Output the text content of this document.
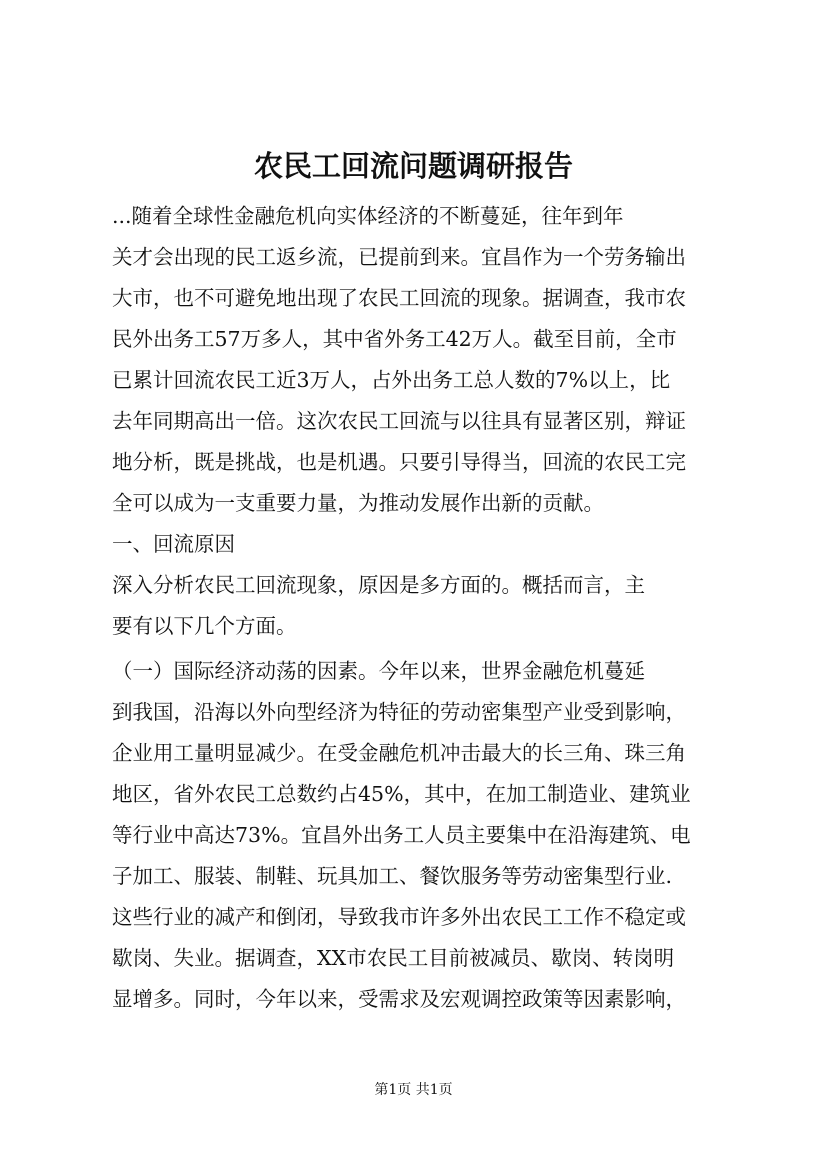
农民工回流问题调研报告
...随着全球性金融危机向实体经济的不断蔓延，往年到年
关才会出现的民工返乡流，已提前到来。宜昌作为一个劳务输出
大市，也不可避免地出现了农民工回流的现象。据调查，我市农
民外出务工57万多人，其中省外务工42万人。截至目前，全市
已累计回流农民工近3万人，占外出务工总人数的7%以上，比
去年同期高出一倍。这次农民工回流与以往具有显著区别，辩证
地分析，既是挑战，也是机遇。只要引导得当，回流的农民工完
全可以成为一支重要力量，为推动发展作出新的贡献。
一、回流原因
深入分析农民工回流现象，原因是多方面的。概括而言，主
要有以下几个方面。
（一）国际经济动荡的因素。今年以来，世界金融危机蔓延
到我国，沿海以外向型经济为特征的劳动密集型产业受到影响，
企业用工量明显减少。在受金融危机冲击最大的长三角、珠三角
地区，省外农民工总数约占45%，其中，在加工制造业、建筑业
等行业中高达73%。宜昌外出务工人员主要集中在沿海建筑、电
子加工、服装、制鞋、玩具加工、餐饮服务等劳动密集型行业.
这些行业的减产和倒闭，导致我市许多外出农民工工作不稳定或
歇岗、失业。据调查，XX市农民工目前被减员、歇岗、转岗明
显增多。同时，今年以来，受需求及宏观调控政策等因素影响，
第1页 共1页
